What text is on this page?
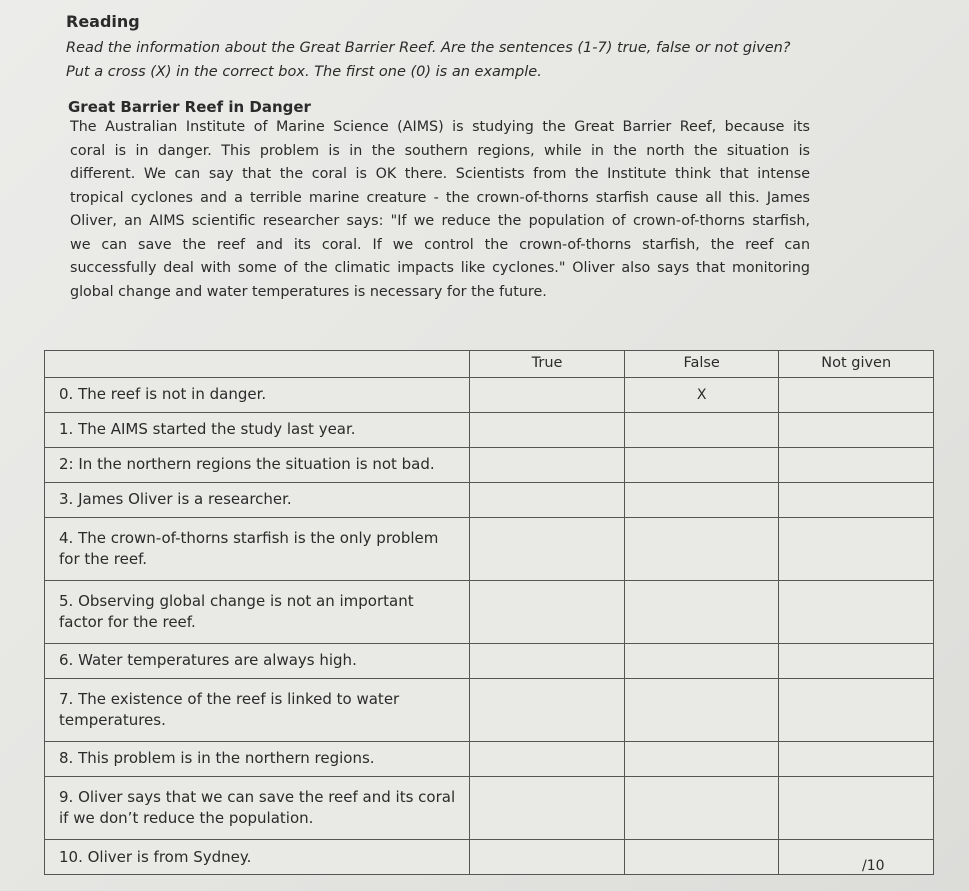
Reading
Read the information about the Great Barrier Reef. Are the sentences (1-7) true, false or not given?
Put a cross (X) in the correct box. The first one (0) is an example.
Great Barrier Reef in Danger
The Australian Institute of Marine Science (AIMS) is studying the Great Barrier Reef, because its
coral is in danger. This problem is in the southern regions, while in the north the situation is
different. We can say that the coral is OK there. Scientists from the Institute think that intense
tropical cyclones and a terrible marine creature - the crown-of-thorns starfish cause all this. James
Oliver, an AIMS scientific researcher says: "If we reduce the population of crown-of-thorns starfish,
we can save the reef and its coral. If we control the crown-of-thorns starfish, the reef can
successfully deal with some of the climatic impacts like cyclones." Oliver also says that monitoring
global change and water temperatures is necessary for the future.
	True	False	Not given
0. The reef is not in danger.		X	
1. The AIMS started the study last year.			
2: In the northern regions the situation is not bad.			
3. James Oliver is a researcher.			
4. The crown-of-thorns starfish is the only problem for the reef.			
5. Observing global change is not an important factor for the reef.			
6. Water temperatures are always high.			
7. The existence of the reef is linked to water temperatures.			
8. This problem is in the northern regions.			
9. Oliver says that we can save the reef and its coral if we don’t reduce the population.			
10. Oliver is from Sydney.			
/10
